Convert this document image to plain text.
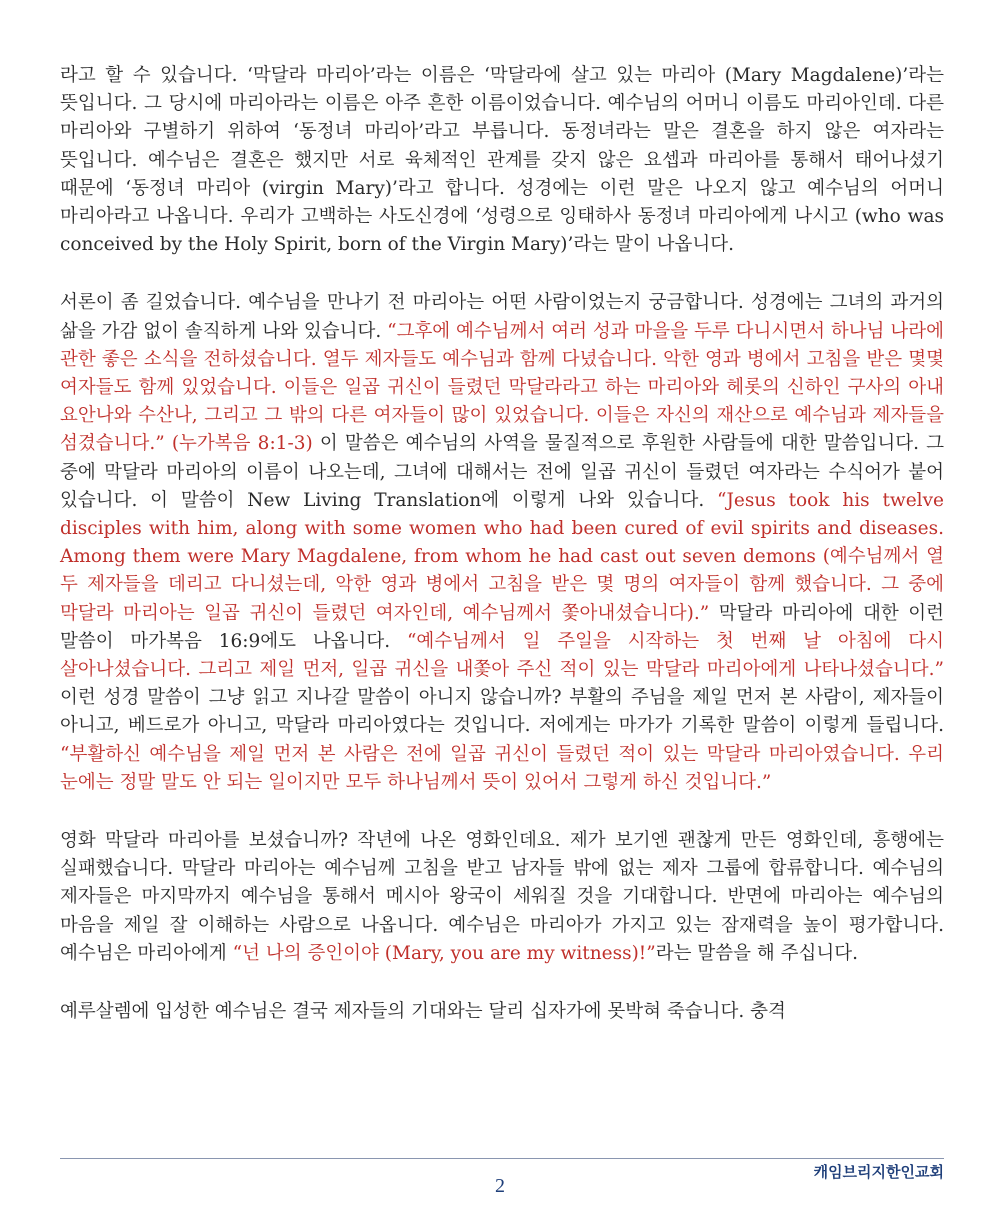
라고 할 수 있습니다. ‘막달라 마리아’라는 이름은 ‘막달라에 살고 있는 마리아 (Mary Magdalene)’라는 뜻입니다. 그 당시에 마리아라는 이름은 아주 흔한 이름이었습니다. 예수님의 어머니 이름도 마리아인데. 다른 마리아와 구별하기 위하여 ‘동정녀 마리아’라고 부릅니다. 동정녀라는 말은 결혼을 하지 않은 여자라는 뜻입니다. 예수님은 결혼은 했지만 서로 육체적인 관계를 갖지 않은 요셉과 마리아를 통해서 태어나셨기 때문에 ‘동정녀 마리아 (virgin Mary)’라고 합니다. 성경에는 이런 말은 나오지 않고 예수님의 어머니 마리아라고 나옵니다. 우리가 고백하는 사도신경에 ‘성령으로 잉태하사 동정녀 마리아에게 나시고 (who was conceived by the Holy Spirit, born of the Virgin Mary)’라는 말이 나옵니다.

서론이 좀 길었습니다. 예수님을 만나기 전 마리아는 어떤 사람이었는지 궁금합니다. 성경에는 그녀의 과거의 삶을 가감 없이 솔직하게 나와 있습니다. “그후에 예수님께서 여러 성과 마을을 두루 다니시면서 하나님 나라에 관한 좋은 소식을 전하셨습니다. 열두 제자들도 예수님과 함께 다녔습니다. 악한 영과 병에서 고침을 받은 몇몇 여자들도 함께 있었습니다. 이들은 일곱 귀신이 들렸던 막달라라고 하는 마리아와 헤롯의 신하인 구사의 아내 요안나와 수산나, 그리고 그 밖의 다른 여자들이 많이 있었습니다. 이들은 자신의 재산으로 예수님과 제자들을 섬겼습니다.” (누가복음 8:1-3) 이 말씀은 예수님의 사역을 물질적으로 후원한 사람들에 대한 말씀입니다. 그 중에 막달라 마리아의 이름이 나오는데, 그녀에 대해서는 전에 일곱 귀신이 들렸던 여자라는 수식어가 붙어 있습니다. 이 말씀이 New Living Translation에 이렇게 나와 있습니다. “Jesus took his twelve disciples with him, along with some women who had been cured of evil spirits and diseases. Among them were Mary Magdalene, from whom he had cast out seven demons (예수님께서 열 두 제자들을 데리고 다니셨는데, 악한 영과 병에서 고침을 받은 몇 명의 여자들이 함께 했습니다. 그 중에 막달라 마리아는 일곱 귀신이 들렸던 여자인데, 예수님께서 쫓아내셨습니다).” 막달라 마리아에 대한 이런 말씀이 마가복음 16:9에도 나옵니다. “예수님께서 일 주일을 시작하는 첫 번째 날 아침에 다시 살아나셨습니다. 그리고 제일 먼저, 일곱 귀신을 내쫓아 주신 적이 있는 막달라 마리아에게 나타나셨습니다.” 이런 성경 말씀이 그냥 읽고 지나갈 말씀이 아니지 않습니까? 부활의 주님을 제일 먼저 본 사람이, 제자들이 아니고, 베드로가 아니고, 막달라 마리아였다는 것입니다. 저에게는 마가가 기록한 말씀이 이렇게 들립니다. “부활하신 예수님을 제일 먼저 본 사람은 전에 일곱 귀신이 들렸던 적이 있는 막달라 마리아였습니다. 우리 눈에는 정말 말도 안 되는 일이지만 모두 하나님께서 뜻이 있어서 그렇게 하신 것입니다.”

영화 막달라 마리아를 보셨습니까? 작년에 나온 영화인데요. 제가 보기엔 괜찮게 만든 영화인데, 흥행에는 실패했습니다. 막달라 마리아는 예수님께 고침을 받고 남자들 밖에 없는 제자 그룹에 합류합니다. 예수님의 제자들은 마지막까지 예수님을 통해서 메시아 왕국이 세워질 것을 기대합니다. 반면에 마리아는 예수님의 마음을 제일 잘 이해하는 사람으로 나옵니다. 예수님은 마리아가 가지고 있는 잠재력을 높이 평가합니다. 예수님은 마리아에게 “넌 나의 증인이야 (Mary, you are my witness)!”라는 말씀을 해 주십니다.

예루살렘에 입성한 예수님은 결국 제자들의 기대와는 달리 십자가에 못박혀 죽습니다. 충격

캐임브리지한인교회
2
